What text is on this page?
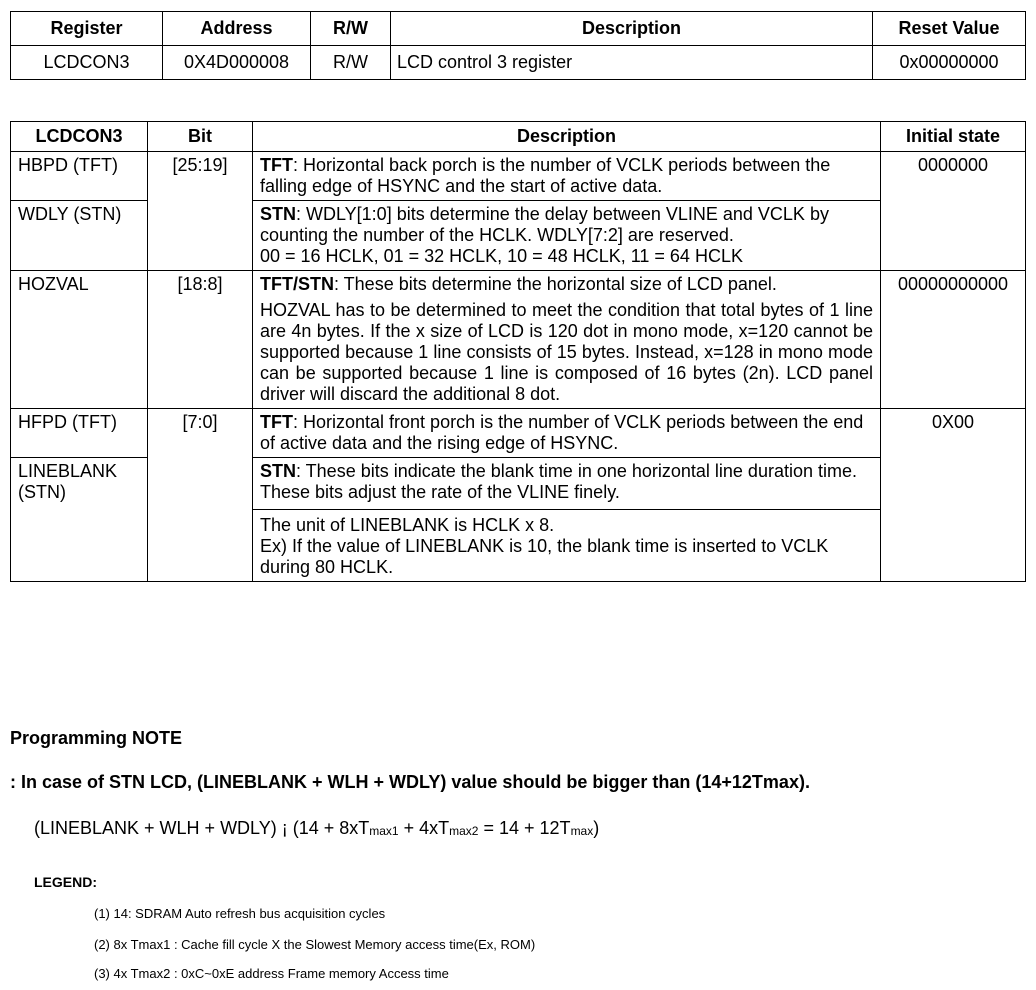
Register	Address	R/W	Description	Reset Value
LCDCON3	0X4D000008	R/W	LCD control 3 register	0x00000000
LCDCON3	Bit	Description	Initial state
HBPD (TFT)	[25:19]	TFT: Horizontal back porch is the number of VCLK periods between the falling edge of HSYNC and the start of active data.	0000000
WDLY (STN)		STN: WDLY[1:0] bits determine the delay between VLINE and VCLK by counting the number of the HCLK. WDLY[7:2] are reserved.

00 = 16 HCLK, 01 = 32 HCLK, 10 = 48 HCLK, 11 = 64 HCLK	

HOZVAL	[18:8]	TFT/STN: These bits determine the horizontal size of LCD panel.

HOZVAL has to be determined to meet the condition that total bytes of 1 line are 4n bytes. If the x size of LCD is 120 dot in mono mode, x=120 cannot be supported because 1 line consists of 15 bytes. Instead, x=128 in mono mode can be supported because 1 line is composed of 16 bytes (2n). LCD panel driver will discard the additional 8 dot.	00000000000
HFPD (TFT)	[7:0]	TFT: Horizontal front porch is the number of VCLK periods between the end of active data and the rising edge of HSYNC.	0X00
LINEBLANK (STN)		STN: These bits indicate the blank time in one horizontal line duration time. These bits adjust the rate of the VLINE finely.

The unit of LINEBLANK is HCLK x 8.

Ex) If the value of LINEBLANK is 10, the blank time is inserted to VCLK during 80 HCLK.	

Programming NOTE
: In case of STN LCD, (LINEBLANK + WLH + WDLY) value should be bigger than (14+12Tmax).
(LINEBLANK + WLH + WDLY) ¡ $(14 + 8xT_{max1} + 4xT_{max2} = 14 + 12T_{max})$
LEGEND:
(1) 14: SDRAM Auto refresh bus acquisition cycles
(2) 8x Tmax1 : Cache fill cycle X the Slowest Memory access time(Ex, ROM)
(3) 4x Tmax2 : 0xC~0xE address Frame memory Access time
